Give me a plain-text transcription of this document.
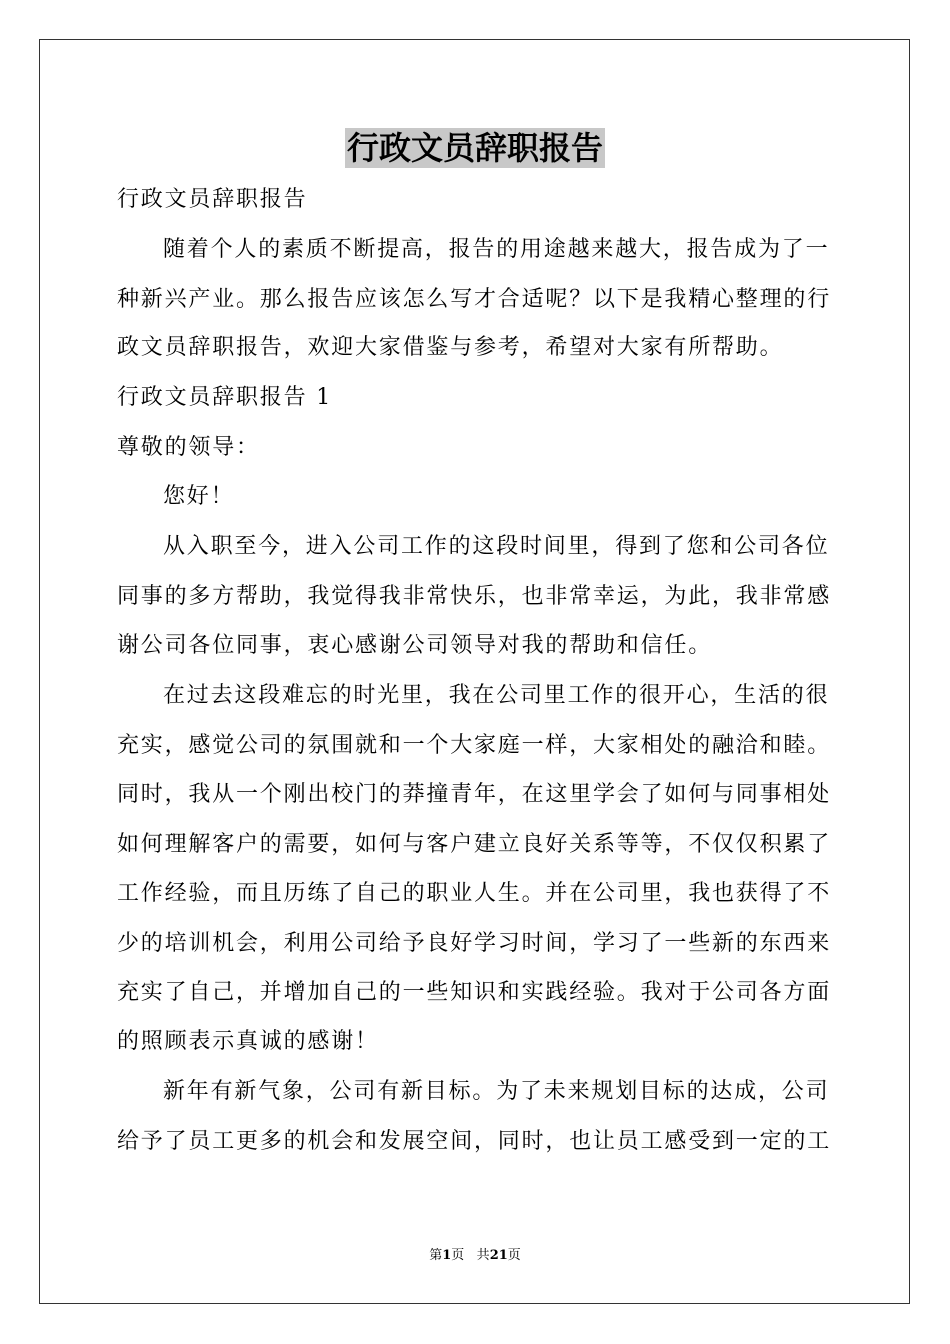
行政文员辞职报告
行政文员辞职报告
随着个人的素质不断提高，报告的用途越来越大，报告成为了一
种新兴产业。那么报告应该怎么写才合适呢？以下是我精心整理的行
政文员辞职报告，欢迎大家借鉴与参考，希望对大家有所帮助。
行政文员辞职报告 1
尊敬的领导：
您好！
从入职至今，进入公司工作的这段时间里，得到了您和公司各位
同事的多方帮助，我觉得我非常快乐，也非常幸运，为此，我非常感
谢公司各位同事，衷心感谢公司领导对我的帮助和信任。
在过去这段难忘的时光里，我在公司里工作的很开心，生活的很
充实，感觉公司的氛围就和一个大家庭一样，大家相处的融洽和睦。
同时，我从一个刚出校门的莽撞青年，在这里学会了如何与同事相处
如何理解客户的需要，如何与客户建立良好关系等等，不仅仅积累了
工作经验，而且历练了自己的职业人生。并在公司里，我也获得了不
少的培训机会，利用公司给予良好学习时间，学习了一些新的东西来
充实了自己，并增加自己的一些知识和实践经验。我对于公司各方面
的照顾表示真诚的感谢！
新年有新气象，公司有新目标。为了未来规划目标的达成，公司
给予了员工更多的机会和发展空间，同时，也让员工感受到一定的工
第1页 共21页
